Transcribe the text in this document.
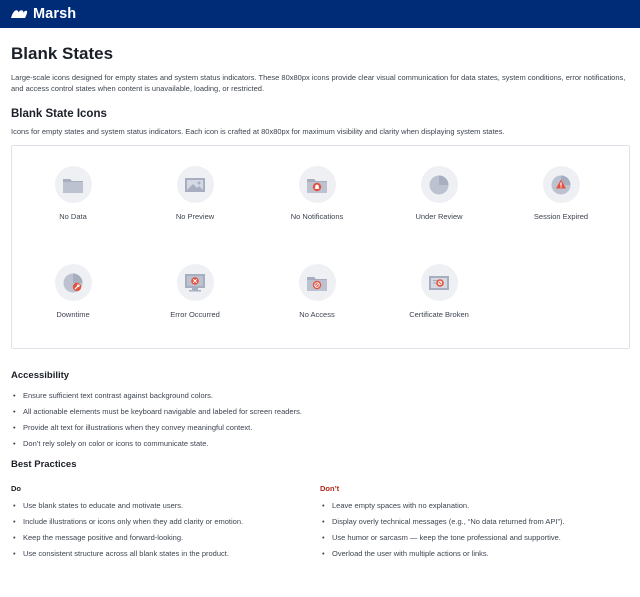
Marsh
Blank States

Large-scale icons designed for empty states and system status indicators. These 80x80px icons provide clear visual communication for data states, system conditions, error notifications, and access control states when content is unavailable, loading, or restricted.

Blank State Icons

Icons for empty states and system status indicators. Each icon is crafted at 80x80px for maximum visibility and clarity when displaying system states.

No Data	No Preview	No Notifications	Under Review	Session Expired
Downtime	Error Occurred	No Access	Certificate Broken
Accessibility
• Ensure sufficient text contrast against background colors.
• All actionable elements must be keyboard navigable and labeled for screen readers.
• Provide alt text for illustrations when they convey meaningful context.
• Don’t rely solely on color or icons to communicate state.
Best Practices
Do
• Use blank states to educate and motivate users.
• Include illustrations or icons only when they add clarity or emotion.
• Keep the message positive and forward-looking.
• Use consistent structure across all blank states in the product.
Don’t
• Leave empty spaces with no explanation.
• Display overly technical messages (e.g., “No data returned from API”).
• Use humor or sarcasm — keep the tone professional and supportive.
• Overload the user with multiple actions or links.
